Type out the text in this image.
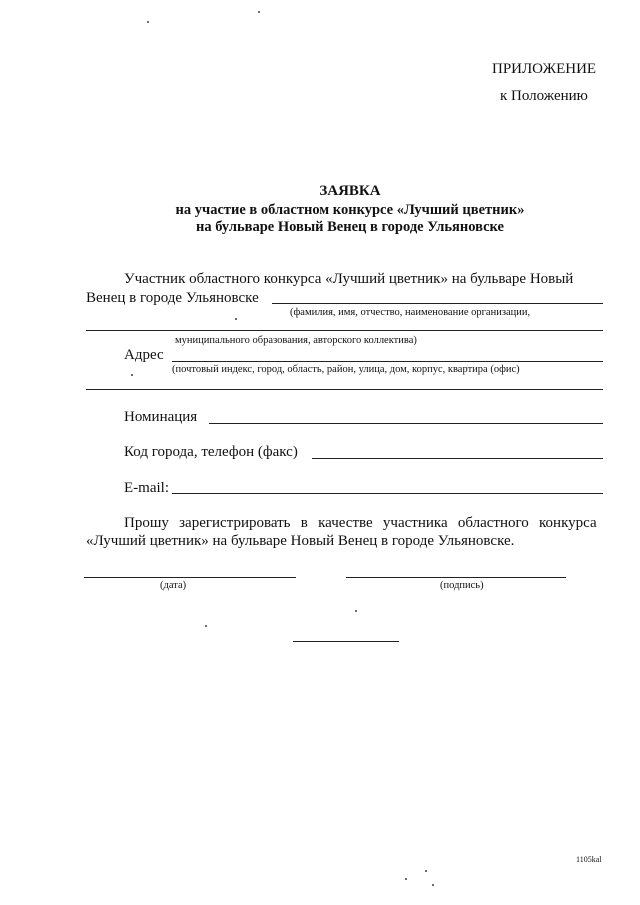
ПРИЛОЖЕНИЕ
к Положению
ЗАЯВКА
на участие в областном конкурсе «Лучший цветник»
на бульваре Новый Венец в городе Ульяновске
Участник областного конкурса «Лучший цветник» на бульваре Новый
Венец в городе Ульяновске
(фамилия, имя, отчество, наименование организации,
муниципального образования, авторского коллектива)
Адрес
(почтовый индекс, город, область, район, улица, дом, корпус, квартира (офис)
Номинация
Код города, телефон (факс)
E-mail:
Прошу зарегистрировать в качестве участника областного конкурса
«Лучший цветник» на бульваре Новый Венец в городе Ульяновске.
(дата)	(подпись)
1105kal
